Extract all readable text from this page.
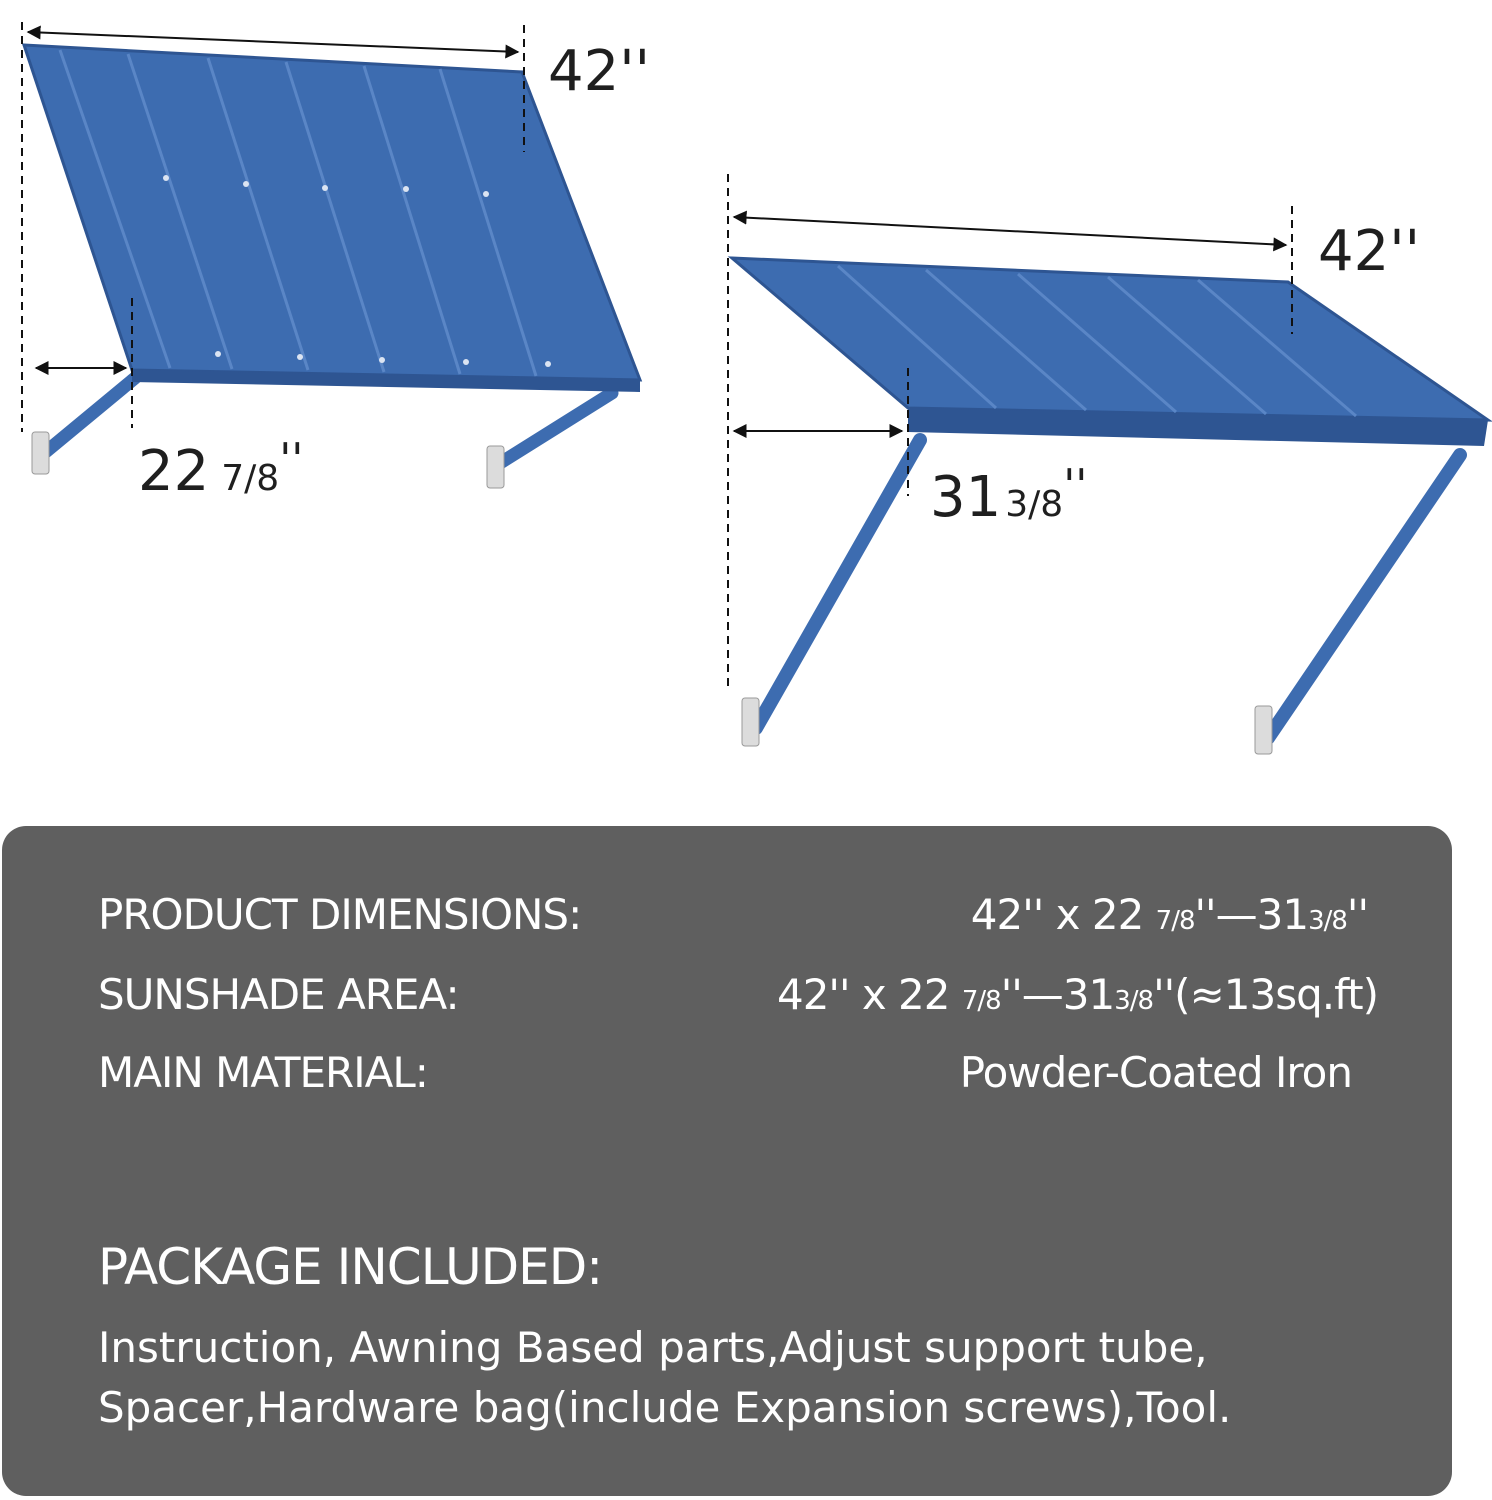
42''
22 7/8''
42''
31 3/8''
PRODUCT DIMENSIONS:	42'' x 22 7/8''—313/8''
SUNSHADE AREA:	42'' x 22 7/8''—313/8''(≈13sq.ft)
MAIN MATERIAL:	Powder-Coated Iron
PACKAGE INCLUDED:
Instruction, Awning Based parts,Adjust support tube,
Spacer,Hardware bag(include Expansion screws),Tool.
